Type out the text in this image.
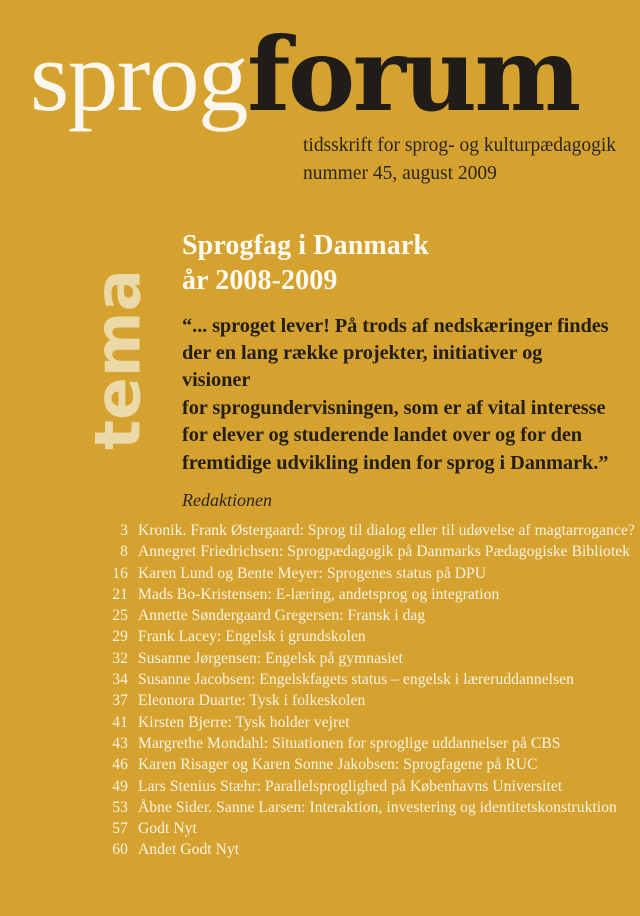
sprogforum
tidsskrift for sprog- og kulturpædagogik
nummer 45, august 2009
tema
Sprogfag i Danmark
år 2008-2009
“... sproget lever! På trods af nedskæringer findes
der en lang række projekter, initiativer og visioner
for sprogundervisningen, som er af vital interesse
for elever og studerende landet over og for den
fremtidige udvikling inden for sprog i Danmark.”
Redaktionen
3 Kronik. Frank Østergaard: Sprog til dialog eller til udøvelse af magtarrogance?
8 Annegret Friedrichsen: Sprogpædagogik på Danmarks Pædagogiske Bibliotek
16 Karen Lund og Bente Meyer: Sprogenes status på DPU
21 Mads Bo-Kristensen: E-læring, andetsprog og integration
25 Annette Søndergaard Gregersen: Fransk i dag
29 Frank Lacey: Engelsk i grundskolen
32 Susanne Jørgensen: Engelsk på gymnasiet
34 Susanne Jacobsen: Engelskfagets status – engelsk i læreruddannelsen
37 Eleonora Duarte: Tysk i folkeskolen
41 Kirsten Bjerre: Tysk holder vejret
43 Margrethe Mondahl: Situationen for sproglige uddannelser på CBS
46 Karen Risager og Karen Sonne Jakobsen: Sprogfagene på RUC
49 Lars Stenius Stæhr: Parallelsproglighed på Københavns Universitet
53 Åbne Sider. Sanne Larsen: Interaktion, investering og identitetskonstruktion
57 Godt Nyt
60 Andet Godt Nyt
